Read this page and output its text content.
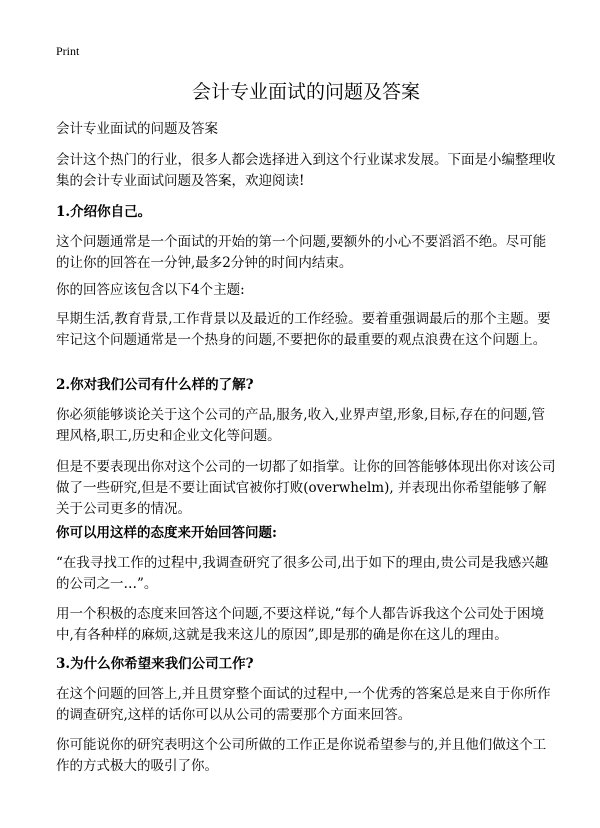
Print
会计专业面试的问题及答案

会计专业面试的问题及答案

会计这个热门的行业，很多人都会选择进入到这个行业谋求发展。下面是小编整理收集的会计专业面试问题及答案，欢迎阅读!

1.介绍你自己。

这个问题通常是一个面试的开始的第一个问题,要额外的小心不要滔滔不绝。尽可能的让你的回答在一分钟,最多2分钟的时间内结束。

你的回答应该包含以下4个主题:

早期生活,教育背景,工作背景以及最近的工作经验。要着重强调最后的那个主题。要牢记这个问题通常是一个热身的问题,不要把你的最重要的观点浪费在这个问题上。

2.你对我们公司有什么样的了解?

你必须能够谈论关于这个公司的产品,服务,收入,业界声望,形象,目标,存在的问题,管理风格,职工,历史和企业文化等问题。

但是不要表现出你对这个公司的一切都了如指掌。让你的回答能够体现出你对该公司做了一些研究,但是不要让面试官被你打败(overwhelm), 并表现出你希望能够了解关于公司更多的情况。

你可以用这样的态度来开始回答问题:

“在我寻找工作的过程中,我调查研究了很多公司,出于如下的理由,贵公司是我感兴趣的公司之一…”。

用一个积极的态度来回答这个问题,不要这样说,“每个人都告诉我这个公司处于困境中,有各种样的麻烦,这就是我来这儿的原因”,即是那的确是你在这儿的理由。

3.为什么你希望来我们公司工作?

在这个问题的回答上,并且贯穿整个面试的过程中,一个优秀的答案总是来自于你所作的调查研究,这样的话你可以从公司的需要那个方面来回答。

你可能说你的研究表明这个公司所做的工作正是你说希望参与的,并且他们做这个工作的方式极大的吸引了你。
